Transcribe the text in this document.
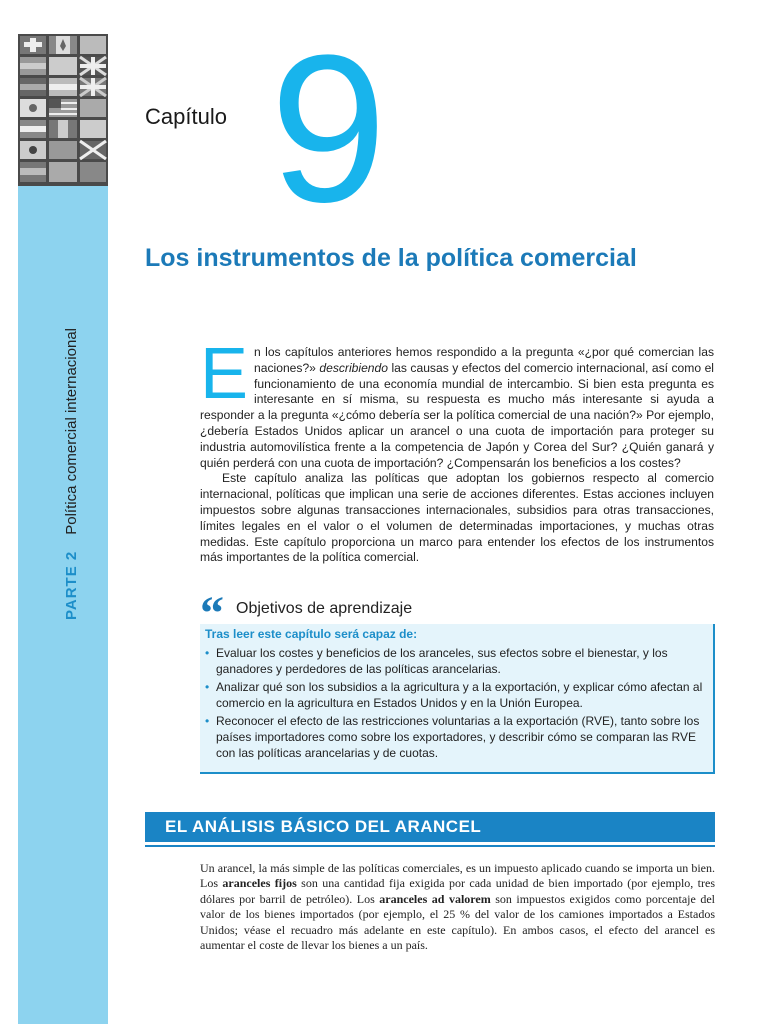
PARTE 2Política comercial internacional
Capítulo 9
Los instrumentos de la política comercial

En los capítulos anteriores hemos respondido a la pregunta «¿por qué comercian las naciones?» describiendo las causas y efectos del comercio internacional, así como el funcionamiento de una economía mundial de intercambio. Si bien esta pregunta es interesante en sí misma, su respuesta es mucho más interesante si ayuda a responder a la pregunta «¿cómo debería ser la política comercial de una nación?» Por ejemplo, ¿debería Estados Unidos aplicar un arancel o una cuota de importación para proteger su industria automovilística frente a la competencia de Japón y Corea del Sur? ¿Quién ganará y quién perderá con una cuota de importación? ¿Compensarán los beneficios a los costes?

Este capítulo analiza las políticas que adoptan los gobiernos respecto al comercio internacional, políticas que implican una serie de acciones diferentes. Estas acciones incluyen impuestos sobre algunas transacciones internacionales, subsidios para otras transacciones, límites legales en el valor o el volumen de determinadas importaciones, y muchas otras medidas. Este capítulo proporciona un marco para entender los efectos de los instrumentos más importantes de la política comercial.

“ Objetivos de aprendizaje
Tras leer este capítulo será capaz de:
• Evaluar los costes y beneficios de los aranceles, sus efectos sobre el bienestar, y los ganadores y perdedores de las políticas arancelarias.
• Analizar qué son los subsidios a la agricultura y a la exportación, y explicar cómo afectan al comercio en la agricultura en Estados Unidos y en la Unión Europea.
• Reconocer el efecto de las restricciones voluntarias a la exportación (RVE), tanto sobre los países importadores como sobre los exportadores, y describir cómo se comparan las RVE con las políticas arancelarias y de cuotas.
EL ANÁLISIS BÁSICO DEL ARANCEL

Un arancel, la más simple de las políticas comerciales, es un impuesto aplicado cuando se importa un bien. Los aranceles fijos son una cantidad fija exigida por cada unidad de bien importado (por ejemplo, tres dólares por barril de petróleo). Los aranceles ad valorem son impuestos exigidos como porcentaje del valor de los bienes importados (por ejemplo, el 25 % del valor de los camiones importados a Estados Unidos; véase el recuadro más adelante en este capítulo). En ambos casos, el efecto del arancel es aumentar el coste de llevar los bienes a un país.
